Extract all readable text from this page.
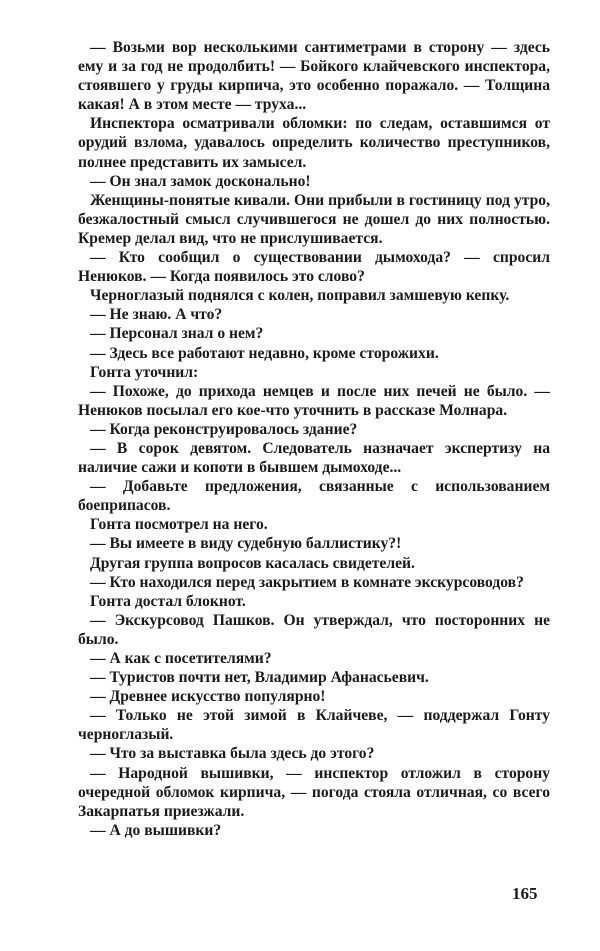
— Возьми вор несколькими сантиметрами в сторону — здесь ему и за год не продолбить! — Бойкого клайчевского инспектора, стоявшего у груды кирпича, это особенно поражало. — Толщина какая! А в этом месте — труха...

Инспектора осматривали обломки: по следам, оставшимся от орудий взлома, удавалось определить количество преступников, полнее представить их замысел.

— Он знал замок досконально!

Женщины-понятые кивали. Они прибыли в гостиницу под утро, безжалостный смысл случившегося не дошел до них полностью. Кремер делал вид, что не прислушивается.

— Кто сообщил о существовании дымохода? — спросил Ненюков. — Когда появилось это слово?

Черноглазый поднялся с колен, поправил замшевую кепку.

— Не знаю. А что?

— Персонал знал о нем?

— Здесь все работают недавно, кроме сторожихи.

Гонта уточнил:

— Похоже, до прихода немцев и после них печей не было. — Ненюков посылал его кое-что уточнить в рассказе Молнара.

— Когда реконструировалось здание?

— В сорок девятом. Следователь назначает экспертизу на наличие сажи и копоти в бывшем дымоходе...

— Добавьте предложения, связанные с использованием боеприпасов.

Гонта посмотрел на него.

— Вы имеете в виду судебную баллистику?!

Другая группа вопросов касалась свидетелей.

— Кто находился перед закрытием в комнате экскурсоводов?

Гонта достал блокнот.

— Экскурсовод Пашков. Он утверждал, что посторонних не было.

— А как с посетителями?

— Туристов почти нет, Владимир Афанасьевич.

— Древнее искусство популярно!

— Только не этой зимой в Клайчеве, — поддержал Гонту черноглазый.

— Что за выставка была здесь до этого?

— Народной вышивки, — инспектор отложил в сторону очередной обломок кирпича, — погода стояла отличная, со всего Закарпатья приезжали.

— А до вышивки?

165
